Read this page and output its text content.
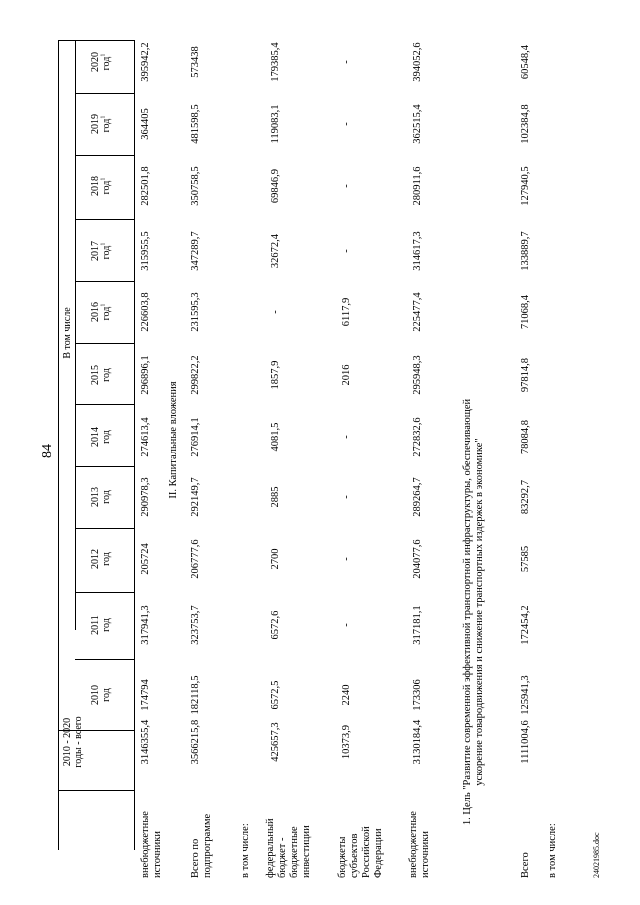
84
2010 - 2020 годы - всего
В том числе
2010 год
2011 год
2012 год
2013 год
2014 год
2015 год
2016 год$^1$
2017 год$^1$
2018 год$^1$
2019 год$^1$
2020 год$^1$
внебюджетные источники
3146355,4
174794
317941,3
205724
290978,3
274613,4
296896,1
226603,8
315955,5
282501,8
364405
395942,2
Всего по подпрограмме
3566215,8
182118,5
323753,7
206777,6
292149,7
276914,1
299822,2
231595,3
347289,7
350758,5
481598,5
573438
в том числе: федеральный бюджет - бюджетные инвестиции
425657,3
6572,5
6572,6
2700
2885
4081,5
1857,9
-
32672,4
69846,9
119083,1
179385,4
бюджеты субъектов Российской Федерации
10373,9
2240
-
-
-
-
2016
6117,9
-
-
-
-
внебюджетные источники
3130184,4
173306
317181,1
204077,6
289264,7
272832,6
295948,3
225477,4
314617,3
280911,6
362515,4
394052,6
Всего
1111004,6
125941,3
172454,2
57585
83292,7
78084,8
97814,8
71068,4
133889,7
127940,5
102384,8
60548,4
в том числе:
II. Капитальные вложения	1. Цель "Развитие современной эффективной транспортной инфраструктуры, обеспечивающей ускорение товародвижения и снижение транспортных издержек в экономике"
24021985.doc
